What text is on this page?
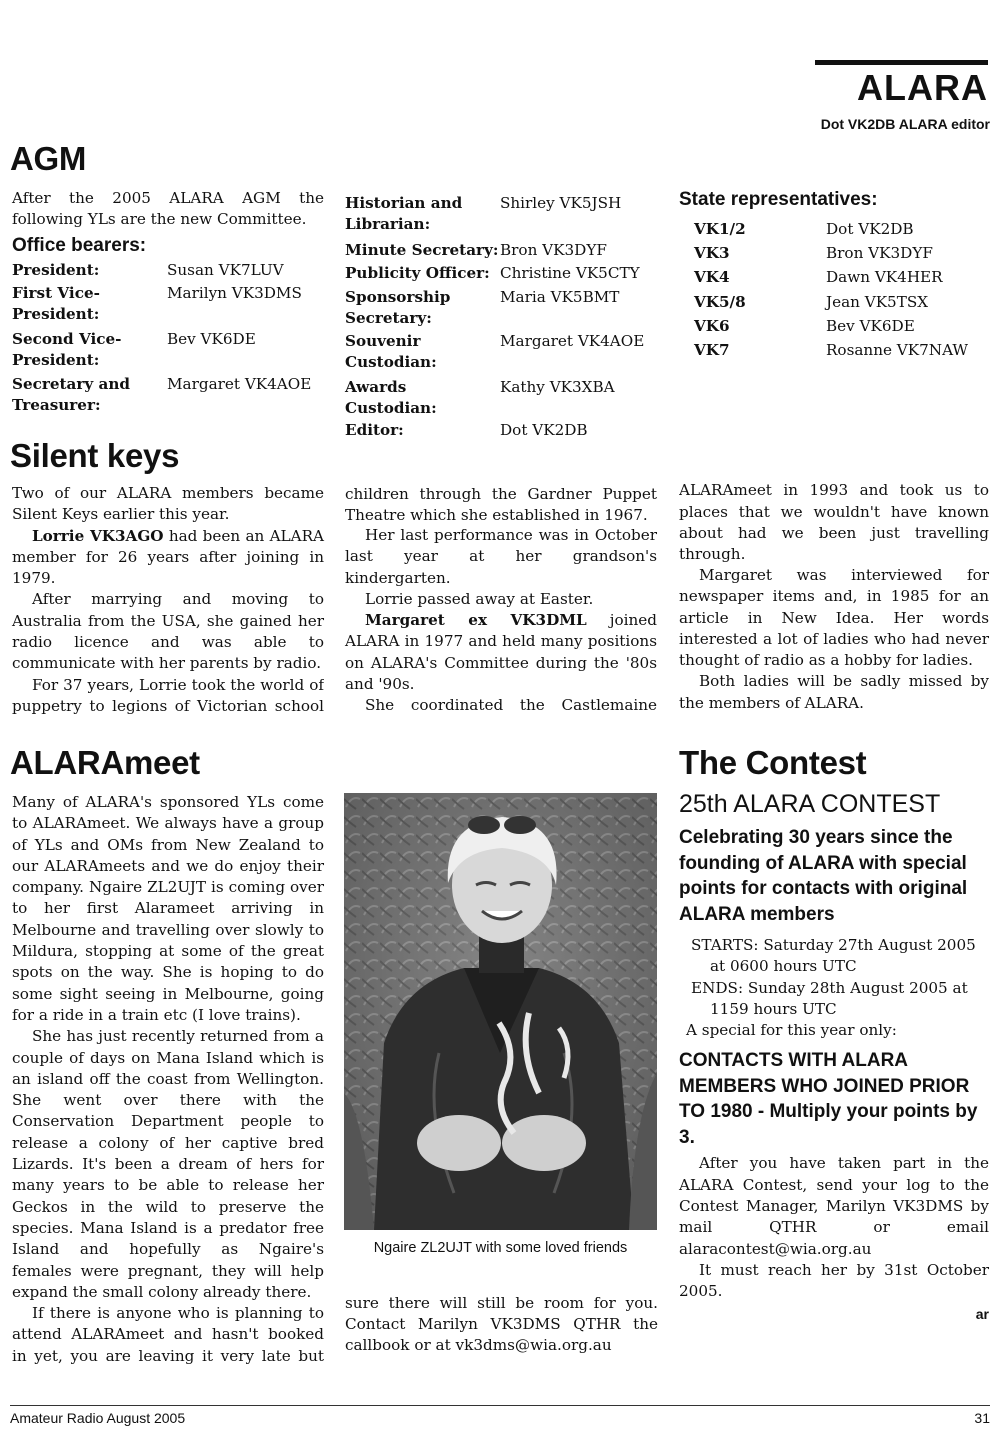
ALARA
Dot VK2DB ALARA editor
AGM

After the 2005 ALARA AGM the following YLs are the new Committee.

Office bearers:
President:	Susan VK7LUV
First Vice-President:	Marilyn VK3DMS
Second Vice-President:	Bev VK6DE
Secretary and Treasurer:	Margaret VK4AOE
Historian and Librarian:	Shirley VK5JSH
Minute Secretary:	Bron VK3DYF
Publicity Officer:	Christine VK5CTY
Sponsorship Secretary:	Maria VK5BMT
Souvenir Custodian:	Margaret VK4AOE
Awards Custodian:	Kathy VK3XBA
Editor:	Dot VK2DB
State representatives:
VK1/2	Dot VK2DB
VK3	Bron VK3DYF
VK4	Dawn VK4HER
VK5/8	Jean VK5TSX
VK6	Bev VK6DE
VK7	Rosanne VK7NAW
Silent keys

Two of our ALARA members became Silent Keys earlier this year.

Lorrie VK3AGO had been an ALARA member for 26 years after joining in 1979.

After marrying and moving to Australia from the USA, she gained her radio licence and was able to communicate with her parents by radio.

For 37 years, Lorrie took the world of puppetry to legions of Victorian school

children through the Gardner Puppet Theatre which she established in 1967.

Her last performance was in October last year at her grandson's kindergarten.

Lorrie passed away at Easter.

Margaret ex VK3DML joined ALARA in 1977 and held many positions on ALARA's Committee during the '80s and '90s.

She coordinated the Castlemaine

ALARAmeet in 1993 and took us to places that we wouldn't have known about had we been just travelling through.

Margaret was interviewed for newspaper items and, in 1985 for an article in New Idea. Her words interested a lot of ladies who had never thought of radio as a hobby for ladies.

Both ladies will be sadly missed by the members of ALARA.

ALARAmeet

Many of ALARA's sponsored YLs come to ALARAmeet. We always have a group of YLs and OMs from New Zealand to our ALARAmeets and we do enjoy their company. Ngaire ZL2UJT is coming over to her first Alarameet arriving in Melbourne and travelling over slowly to Mildura, stopping at some of the great spots on the way. She is hoping to do some sight seeing in Melbourne, going for a ride in a train etc (I love trains).

She has just recently returned from a couple of days on Mana Island which is an island off the coast from Wellington. She went over there with the Conservation Department people to release a colony of her captive bred Lizards. It's been a dream of hers for many years to be able to release her Geckos in the wild to preserve the species. Mana Island is a predator free Island and hopefully as Ngaire's females were pregnant, they will help expand the small colony already there.

If there is anyone who is planning to attend ALARAmeet and hasn't booked in yet, you are leaving it very late but

Ngaire ZL2UJT with some loved friends

sure there will still be room for you. Contact Marilyn VK3DMS QTHR the callbook or at vk3dms@wia.org.au

The Contest
25th ALARA CONTEST
Celebrating 30 years since the founding of ALARA with special points for contacts with original ALARA members
STARTS: Saturday 27th August 2005
at 0600 hours UTC
ENDS: Sunday 28th August 2005 at
1159 hours UTC
A special for this year only:
CONTACTS WITH ALARA MEMBERS WHO JOINED PRIOR TO 1980 - Multiply your points by 3.

After you have taken part in the ALARA Contest, send your log to the Contest Manager, Marilyn VK3DMS by mail QTHR or email alaracontest@wia.org.au

It must reach her by 31st October 2005.

ar
Amateur Radio August 2005	31
